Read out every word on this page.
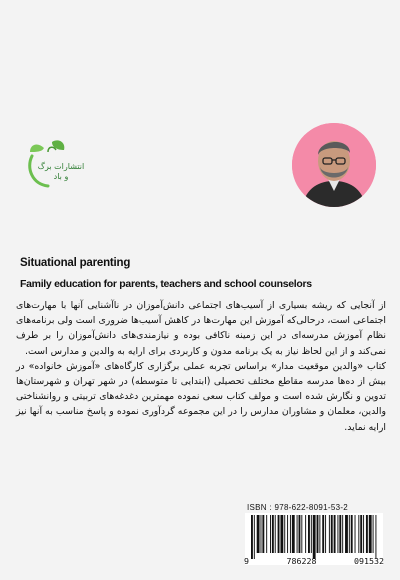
انتشارات برگ و باد
Situational parenting
Family education for parents, teachers and school counselors

از آنجایی که ریشه بسیاری از آسیب‌های اجتماعی دانش‌آموزان در ناآشنایی آنها با مهارت‌های اجتماعی است، درحالی‌که آموزش این مهارت‌ها در کاهش آسیب‌ها ضروری است ولی برنامه‌های نظام آموزش مدرسه‌ای در این زمینه ناکافی بوده و نیازمندی‌های دانش‌آموزان را بر طرف نمی‌کند و از این لحاظ نیاز به یک برنامه مدون و کاربردی برای ارایه به والدین و مدارس است.

کتاب «والدین موقعیت مدار» براساس تجربه عملی برگزاری کارگاه‌های «آموزش خانواده» در بیش از ده‌ها مدرسه مقاطع مختلف تحصیلی (ابتدایی تا متوسطه) در شهر تهران و شهرستان‌ها تدوین و نگارش شده است و مولف کتاب سعی نموده مهمترین دغدغه‌های تربیتی و روانشناختی والدین، معلمان و مشاوران مدارس را در این مجموعه گردآوری نموده و پاسخ مناسب به آنها نیز ارایه نماید.

ISBN : 978-622-8091-53-2
9	786228	091532
